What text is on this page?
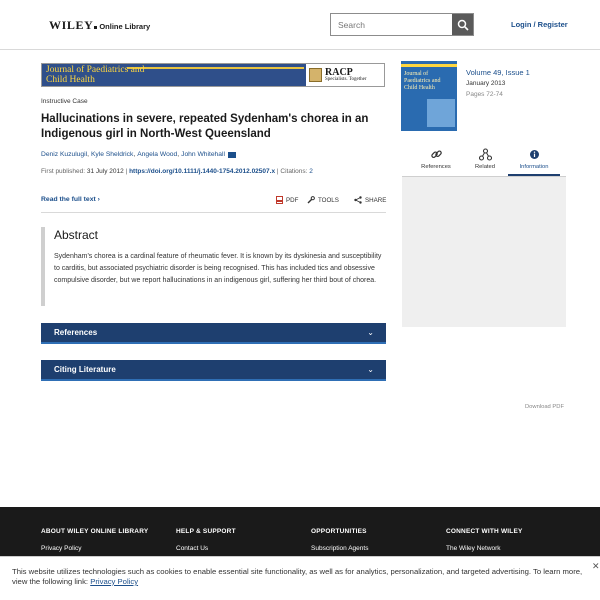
WILEY Online Library
Search	Login / Register
Journal of Paediatrics and
Child Health
RACP
Specialists. Together
Instructive Case
Hallucinations in severe, repeated Sydenham's chorea in an Indigenous girl in North-West Queensland
Deniz Kuzulugil , Kyle Sheldrick , Angela Wood , John Whitehall
First published: 31 July 2012 | https://doi.org/10.1111/j.1440-1754.2012.02507.x | Citations: 2
Read the full text ›	PDF	TOOLS	SHARE
Abstract

Sydenham's chorea is a cardinal feature of rheumatic fever. It is known by its dyskinesia and susceptibility to carditis, but associated psychiatric disorder is being recognised. This has included tics and obsessive compulsive disorder, but we report hallucinations in an indigenous girl, suffering her third bout of chorea.

References	⌄
Citing Literature	⌄
Journal of
Paediatrics and
Child Health
Volume 49, Issue 1
January 2013
Pages 72-74
References	Related	Information
Download PDF
ABOUT WILEY ONLINE LIBRARY
Privacy Policy
HELP & SUPPORT
Contact Us
OPPORTUNITIES
Subscription Agents
CONNECT WITH WILEY
The Wiley Network
This website utilizes technologies such as cookies to enable essential site functionality, as well as for analytics, personalization, and targeted advertising. To learn more, view the following link: Privacy Policy
✕
